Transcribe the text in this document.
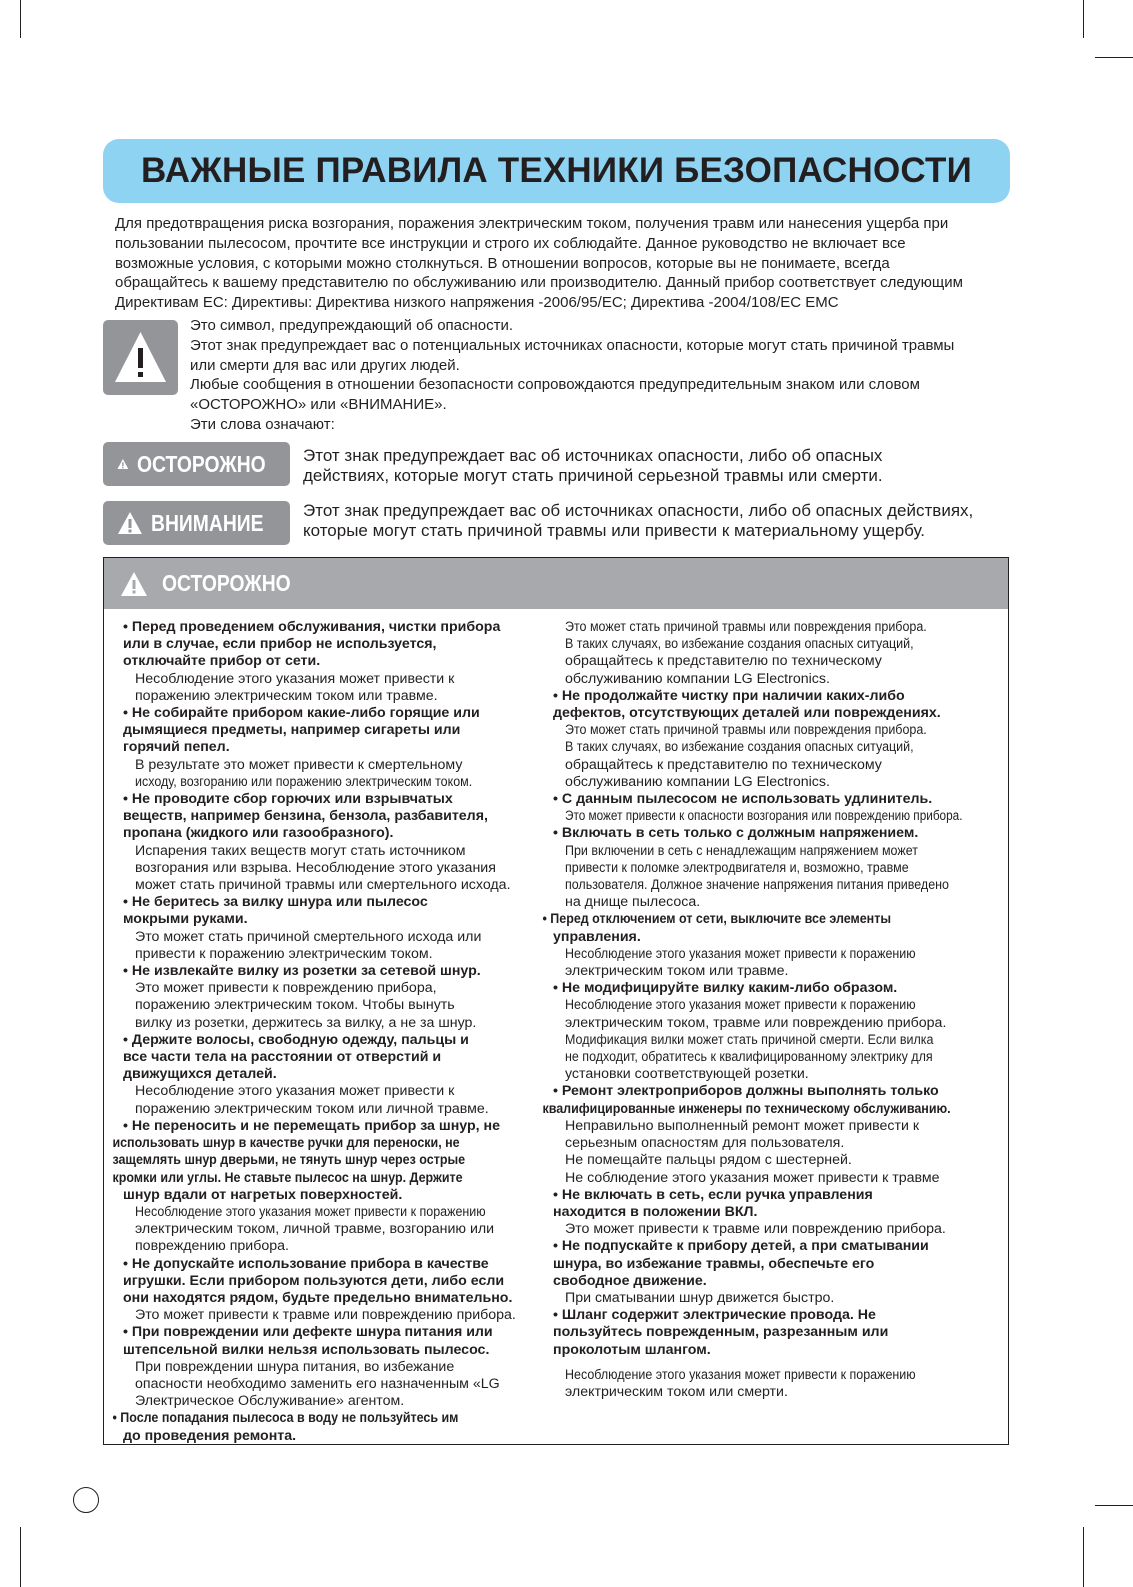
ВАЖНЫЕ ПРАВИЛА ТЕХНИКИ БЕЗОПАСНОСТИ

Для предотвращения риска возгорания, поражения электрическим током, получения травм или нанесения ущерба при
пользовании пылесосом, прочтите все инструкции и строго их соблюдайте. Данное руководство не включает все
возможные условия, с которыми можно столкнуться. В отношении вопросов, которые вы не понимаете, всегда
обращайтесь к вашему представителю по обслуживанию или производителю. Данный прибор соответствует следующим
Директивам ЕС: Директивы: Директива низкого напряжения -2006/95/EC; Директива -2004/108/EC EMC

Это символ, предупреждающий об опасности.
Этот знак предупреждает вас о потенциальных источниках опасности, которые могут стать причиной травмы
или смерти для вас или других людей.
Любые сообщения в отношении безопасности сопровождаются предупредительным знаком или словом
«ОСТОРОЖНО» или «ВНИМАНИЕ».
Эти слова означают:
ОСТОРОЖНО Этот знак предупреждает вас об источниках опасности, либо об опасных
действиях, которые могут стать причиной серьезной травмы или смерти.
ВНИМАНИЕ Этот знак предупреждает вас об источниках опасности, либо об опасных действиях,
которые могут стать причиной травмы или привести к материальному ущербу.
ОСТОРОЖНО
• Перед проведением обслуживания, чистки прибора
или в случае, если прибор не используется,
отключайте прибор от сети.
Несоблюдение этого указания может привести к
поражению электрическим током или травме.
• Не собирайте прибором какие-либо горящие или
дымящиеся предметы, например сигареты или
горячий пепел.
В результате это может привести к смертельному
исходу, возгоранию или поражению электрическим током.
• Не проводите сбор горючих или взрывчатых
веществ, например бензина, бензола, разбавителя,
пропана (жидкого или газообразного).
Испарения таких веществ могут стать источником
возгорания или взрыва. Несоблюдение этого указания
может стать причиной травмы или смертельного исхода.
• Не беритесь за вилку шнура или пылесос
мокрыми руками.
Это может стать причиной смертельного исхода или
привести к поражению электрическим током.
• Не извлекайте вилку из розетки за сетевой шнур.
Это может привести к повреждению прибора,
поражению электрическим током. Чтобы вынуть
вилку из розетки, держитесь за вилку, а не за шнур.
• Держите волосы, свободную одежду, пальцы и
все части тела на расстоянии от отверстий и
движущихся деталей.
Несоблюдение этого указания может привести к
поражению электрическим током или личной травме.
• Не переносить и не перемещать прибор за шнур, не
использовать шнур в качестве ручки для переноски, не
защемлять шнур дверьми, не тянуть шнур через острые
кромки или углы. Не ставьте пылесос на шнур. Держите
шнур вдали от нагретых поверхностей.
Несоблюдение этого указания может привести к поражению
электрическим током, личной травме, возгоранию или
повреждению прибора.
• Не допускайте использование прибора в качестве
игрушки. Если прибором пользуются дети, либо если
они находятся рядом, будьте предельно внимательно.
Это может привести к травме или повреждению прибора.
• При повреждении или дефекте шнура питания или
штепсельной вилки нельзя использовать пылесос.
При повреждении шнура питания, во избежание
опасности необходимо заменить его назначенным «LG
Электрическое Обслуживание» агентом.
• После попадания пылесоса в воду не пользуйтесь им
до проведения ремонта.
Это может стать причиной травмы или повреждения прибора.
В таких случаях, во избежание создания опасных ситуаций,
обращайтесь к представителю по техническому
обслуживанию компании LG Electronics.
• Не продолжайте чистку при наличии каких-либо
дефектов, отсутствующих деталей или повреждениях.
Это может стать причиной травмы или повреждения прибора.
В таких случаях, во избежание создания опасных ситуаций,
обращайтесь к представителю по техническому
обслуживанию компании LG Electronics.
• С данным пылесосом не использовать удлинитель.
Это может привести к опасности возгорания или повреждению прибора.
• Включать в сеть только с должным напряжением.
При включении в сеть с ненадлежащим напряжением может
привести к поломке электродвигателя и, возможно, травме
пользователя. Должное значение напряжения питания приведено
на днище пылесоса.
• Перед отключением от сети, выключите все элементы
управления.
Несоблюдение этого указания может привести к поражению
электрическим током или травме.
• Не модифицируйте вилку каким-либо образом.
Несоблюдение этого указания может привести к поражению
электрическим током, травме или повреждению прибора.
Модификация вилки может стать причиной смерти. Если вилка
не подходит, обратитесь к квалифицированному электрику для
установки соответствующей розетки.
• Ремонт электроприборов должны выполнять только
квалифицированные инженеры по техническому обслуживанию.
Неправильно выполненный ремонт может привести к
серьезным опасностям для пользователя.
Не помещайте пальцы рядом с шестерней.
Не соблюдение этого указания может привести к травме
• Не включать в сеть, если ручка управления
находится в положении ВКЛ.
Это может привести к травме или повреждению прибора.
• Не подпускайте к прибору детей, а при сматывании
шнура, во избежание травмы, обеспечьте его
свободное движение.
При сматывании шнур движется быстро.
• Шланг содержит электрические провода. Не
пользуйтесь поврежденным, разрезанным или
проколотым шлангом.
Несоблюдение этого указания может привести к поражению
электрическим током или смерти.
